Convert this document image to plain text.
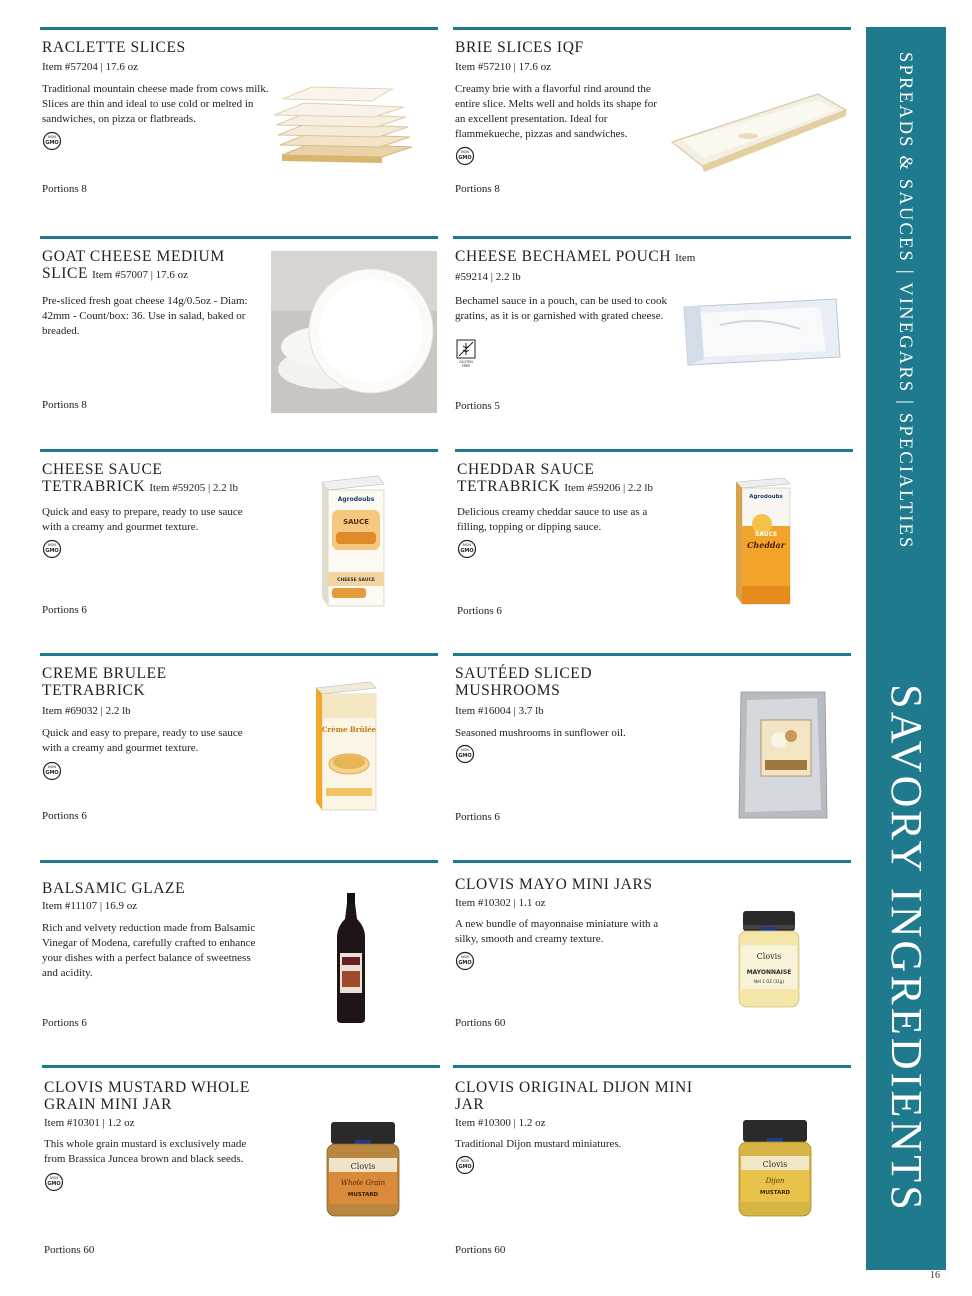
RACLETTE SLICES
Item #57204 | 17.6 oz
Traditional mountain cheese made from cows milk. Slices are thin and ideal to use cold or melted in sandwiches, on pizza or flatbreads.
NON
GMO
Portions 8
BRIE SLICES IQF
Item #57210 | 17.6 oz
Creamy brie with a flavorful rind around the entire slice. Melts well and holds its shape for an excellent presentation. Ideal for flammekueche, pizzas and sandwiches.
NON
GMO
Portions 8
GOAT CHEESE MEDIUM SLICE Item #57007 | 17.6 oz
Pre-sliced fresh goat cheese 14g/0.5oz - Diam: 42mm - Count/box: 36. Use in salad, baked or breaded.
Portions 8
CHEESE BECHAMEL POUCH Item #59214 | 2.2 lb
Bechamel sauce in a pouch, can be used to cook gratins, as it is or garnished with grated cheese.
GLUTEN
FREE
Portions 5
CHEESE SAUCE TETRABRICK Item #59205 | 2.2 lb
Quick and easy to prepare, ready to use sauce with a creamy and gourmet texture.
NON
GMO
Portions 6
Agrodoubs
SAUCE
CHEESE SAUCE
CHEDDAR SAUCE TETRABRICK Item #59206 | 2.2 lb
Delicious creamy cheddar sauce to use as a filling, topping or dipping sauce.
NON
GMO
Portions 6
Agrodoubs
SAUCE
Cheddar
CREME BRULEE TETRABRICK
Item #69032 | 2.2 lb
Quick and easy to prepare, ready to use sauce with a creamy and gourmet texture.
NON
GMO
Portions 6
Crème Brûlée
SAUTÉED SLICED MUSHROOMS
Item #16004 | 3.7 lb
Seasoned mushrooms in sunflower oil.
NON
GMO
Portions 6
BALSAMIC GLAZE
Item #11107 | 16.9 oz
Rich and velvety reduction made from Balsamic Vinegar of Modena, carefully crafted to enhance your dishes with a perfect balance of sweetness and acidity.
Portions 6
CLOVIS MAYO MINI JARS
Item #10302 | 1.1 oz
A new bundle of mayonnaise miniature with a silky, smooth and creamy texture.
NON
GMO
Portions 60
Clovis
MAYONNAISE
Net 1 OZ (31g)
CLOVIS MUSTARD WHOLE GRAIN MINI JAR
Item #10301 | 1.2 oz
This whole grain mustard is exclusively made from Brassica Juncea brown and black seeds.
NON
GMO
Portions 60
Clovis
Whole Grain
MUSTARD
CLOVIS ORIGINAL DIJON MINI JAR
Item #10300 | 1.2 oz
Traditional Dijon mustard miniatures.
NON
GMO
Portions 60
Clovis
Dijon
MUSTARD
SPREADS & SAUCES | VINEGARS | SPECIALTIES
SAVORY INGREDIENTS
16
